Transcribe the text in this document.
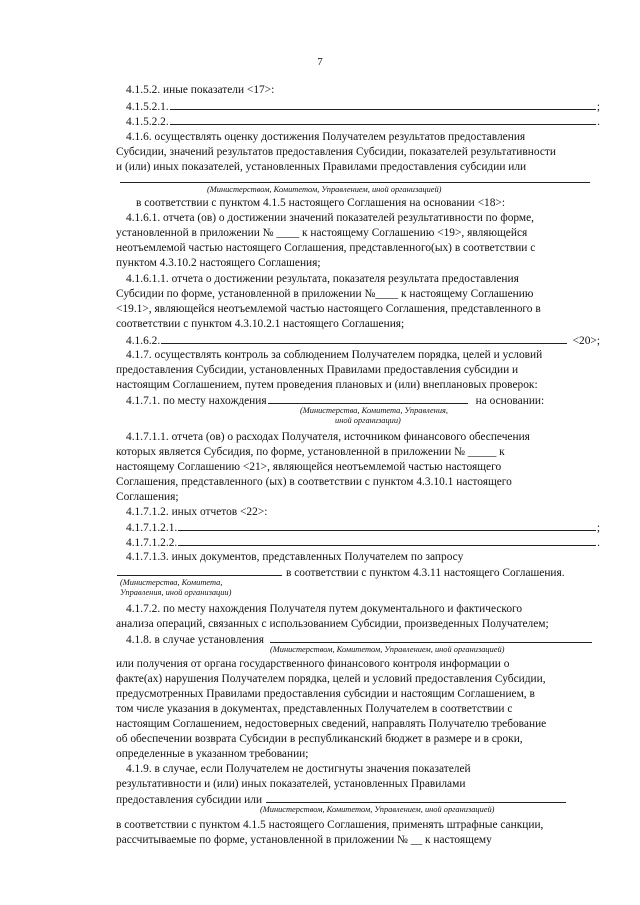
7
4.1.5.2. иные показатели <17>:
4.1.5.2.1.	;
4.1.5.2.2.	.
4.1.6. осуществлять оценку достижения Получателем результатов предоставления
Субсидии, значений результатов предоставления Субсидии, показателей результативности
и (или) иных показателей, установленных Правилами предоставления субсидии или
(Министерством, Комитетом, Управлением, иной организацией)
в соответствии с пунктом 4.1.5 настоящего Соглашения на основании <18>:
4.1.6.1. отчета (ов) о достижении значений показателей результативности по форме,
установленной в приложении № ____ к настоящему Соглашению <19>, являющейся
неотъемлемой частью настоящего Соглашения, представленного(ых) в соответствии с
пунктом 4.3.10.2 настоящего Соглашения;
4.1.6.1.1. отчета о достижении результата, показателя результата предоставления
Субсидии по форме, установленной в приложении №____ к настоящему Соглашению
<19.1>, являющейся неотъемлемой частью настоящего Соглашения, представленного в
соответствии с пунктом 4.3.10.2.1 настоящего Соглашения;
4.1.6.2.	<20>;
4.1.7. осуществлять контроль за соблюдением Получателем порядка, целей и условий
предоставления Субсидии, установленных Правилами предоставления субсидии и
настоящим Соглашением, путем проведения плановых и (или) внеплановых проверок:
4.1.7.1. по месту нахождения	на основании:
(Министерства, Комитета, Управления,
иной организации)
4.1.7.1.1. отчета (ов) о расходах Получателя, источником финансового обеспечения
которых является Субсидия, по форме, установленной в приложении № _____ к
настоящему Соглашению <21>, являющейся неотъемлемой частью настоящего
Соглашения, представленного (ых) в соответствии с пунктом 4.3.10.1 настоящего
Соглашения;
4.1.7.1.2. иных отчетов <22>:
4.1.7.1.2.1.	;
4.1.7.1.2.2.	.
4.1.7.1.3. иных документов, представленных Получателем по запросу
в соответствии с пунктом 4.3.11 настоящего Соглашения.
(Министерства, Комитета,
Управления, иной организации)
4.1.7.2. по месту нахождения Получателя путем документального и фактического
анализа операций, связанных с использованием Субсидии, произведенных Получателем;
4.1.8. в случае установления
(Министерством, Комитетом, Управлением, иной организацией)
или получения от органа государственного финансового контроля информации о
факте(ах) нарушения Получателем порядка, целей и условий предоставления Субсидии,
предусмотренных Правилами предоставления субсидии и настоящим Соглашением, в
том числе указания в документах, представленных Получателем в соответствии с
настоящим Соглашением, недостоверных сведений, направлять Получателю требование
об обеспечении возврата Субсидии в республиканский бюджет в размере и в сроки,
определенные в указанном требовании;
4.1.9. в случае, если Получателем не достигнуты значения показателей
результативности и (или) иных показателей, установленных Правилами
предоставления субсидии или
(Министерством, Комитетом, Управлением, иной организацией)
в соответствии с пунктом 4.1.5 настоящего Соглашения, применять штрафные санкции,
рассчитываемые по форме, установленной в приложении № __ к настоящему
